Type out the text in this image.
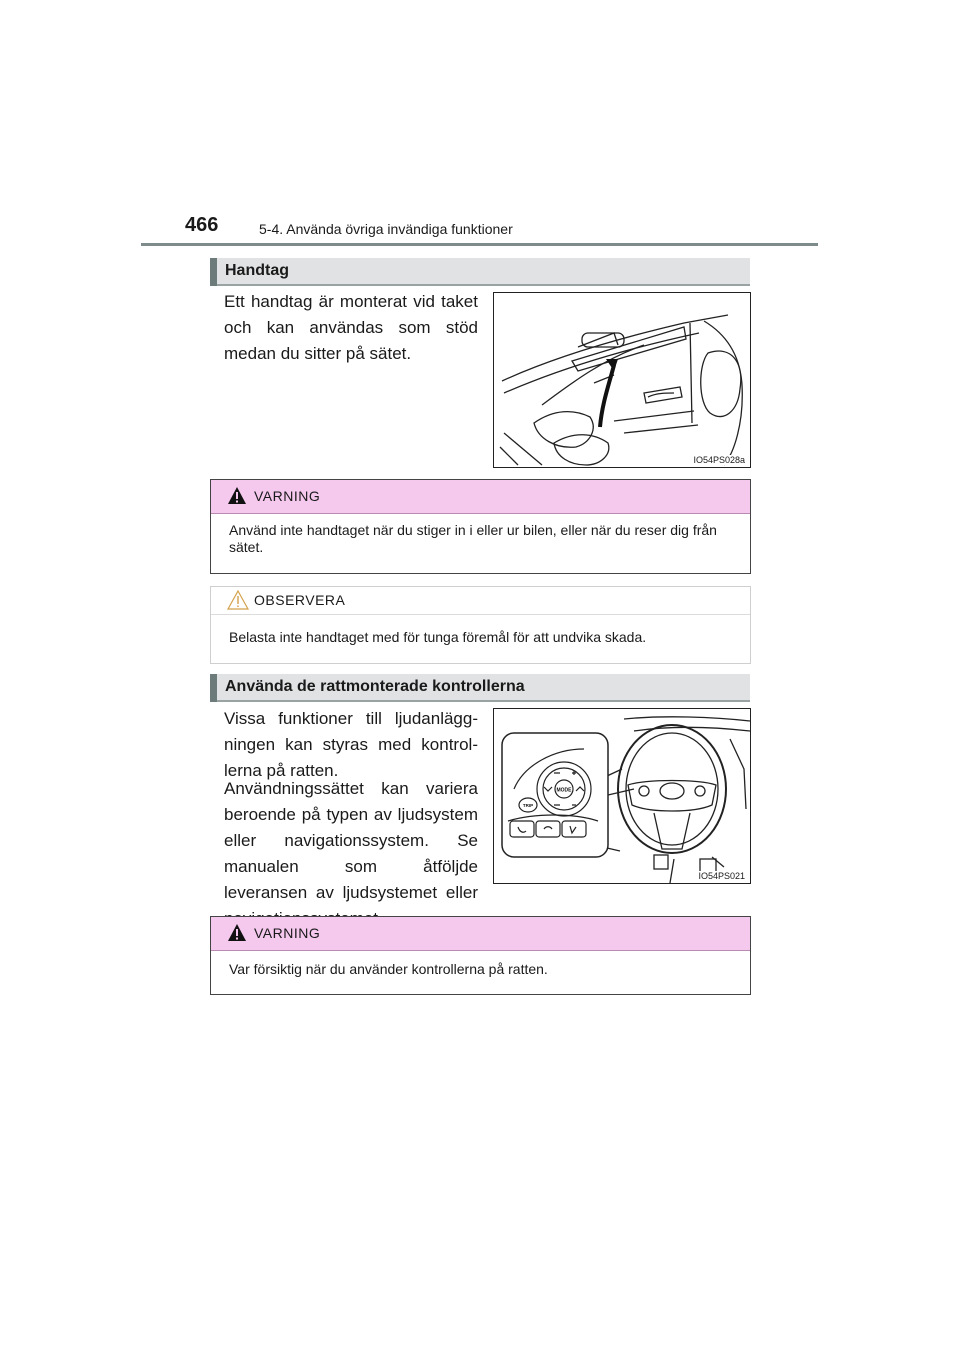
466	5-4. Använda övriga invändiga funktioner
Handtag
Ett handtag är monterat vid taket och kan användas som stöd medan du sitter på sätet.
IO54PS028a
VARNING
Använd inte handtaget när du stiger in i eller ur bilen, eller när du reser dig från sätet.
OBSERVERA
Belasta inte handtaget med för tunga föremål för att undvika skada.
Använda de rattmonterade kontrollerna
Vissa funktioner till ljudanläggningen kan styras med kontrollerna på ratten.
Användningssättet kan variera beroende på typen av ljudsystem eller navigationssystem. Se manualen som åtföljde leveransen av ljudsystemet eller
MODE
TRIP
IO54PS021
VARNING
Var försiktig när du använder kontrollerna på ratten.
